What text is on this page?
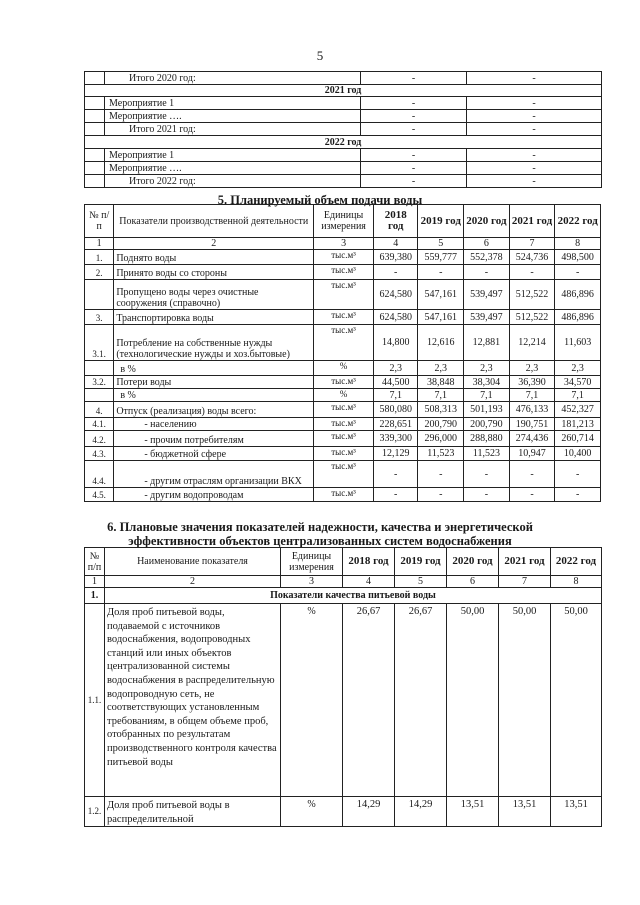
5
	Итого 2020 год:	-	-
2021 год			
	Мероприятие 1	-	-
	Мероприятие ….	-	-
	Итого 2021 год:	-	-
2022 год			
	Мероприятие 1	-	-
	Мероприятие ….	-	-
	Итого 2022 год:	-	-
5. Планируемый объем подачи воды
№ п/п	Показатели производственной деятельности	Единицы измерения	2018 год	2019 год	2020 год	2021 год	2022 год
1	2	3	4	5	6	7	8
1.	Поднято воды	тыс.м³	639,380	559,777	552,378	524,736	498,500
2.	Принято воды со стороны	тыс.м³	-	-	-	-	-
	Пропущено воды через очистные сооружения (справочно)	тыс.м³	624,580	547,161	539,497	512,522	486,896
3.	Транспортировка воды	тыс.м³	624,580	547,161	539,497	512,522	486,896
3.1.	Потребление на собственные нужды (технологические нужды и хоз.бытовые)	тыс.м³	14,800	12,616	12,881	12,214	11,603
	в %	%	2,3	2,3	2,3	2,3	2,3
3.2.	Потери воды	тыс.м³	44,500	38,848	38,304	36,390	34,570
	в %	%	7,1	7,1	7,1	7,1	7,1
4.	Отпуск (реализация) воды всего:	тыс.м³	580,080	508,313	501,193	476,133	452,327
4.1.	- населению	тыс.м³	228,651	200,790	200,790	190,751	181,213
4.2.	- прочим потребителям	тыс.м³	339,300	296,000	288,880	274,436	260,714
4.3.	- бюджетной сфере	тыс.м³	12,129	11,523	11,523	10,947	10,400
4.4.	- другим отраслям организации ВКХ	тыс.м³	-	-	-	-	-
4.5.	- другим водопроводам	тыс.м³	-	-	-	-	-
6. Плановые значения показателей надежности, качества и энергетической
эффективности объектов централизованных систем водоснабжения
№ п/п	Наименование показателя	Единицы измерения	2018 год	2019 год	2020 год	2021 год	2022 год
1	2	3	4	5	6	7	8
1.	Показатели качества питьевой воды						
1.1.	Доля проб питьевой воды, подаваемой с источников водоснабжения, водопроводных станций или иных объектов централизованной системы водоснабжения в распределительную водопроводную сеть, не соответствующих установленным требованиям, в общем объеме проб, отобранных по результатам производственного контроля качества питьевой воды	%	26,67	26,67	50,00	50,00	50,00
1.2.	Доля проб питьевой воды в распределительной	%	14,29	14,29	13,51	13,51	13,51
